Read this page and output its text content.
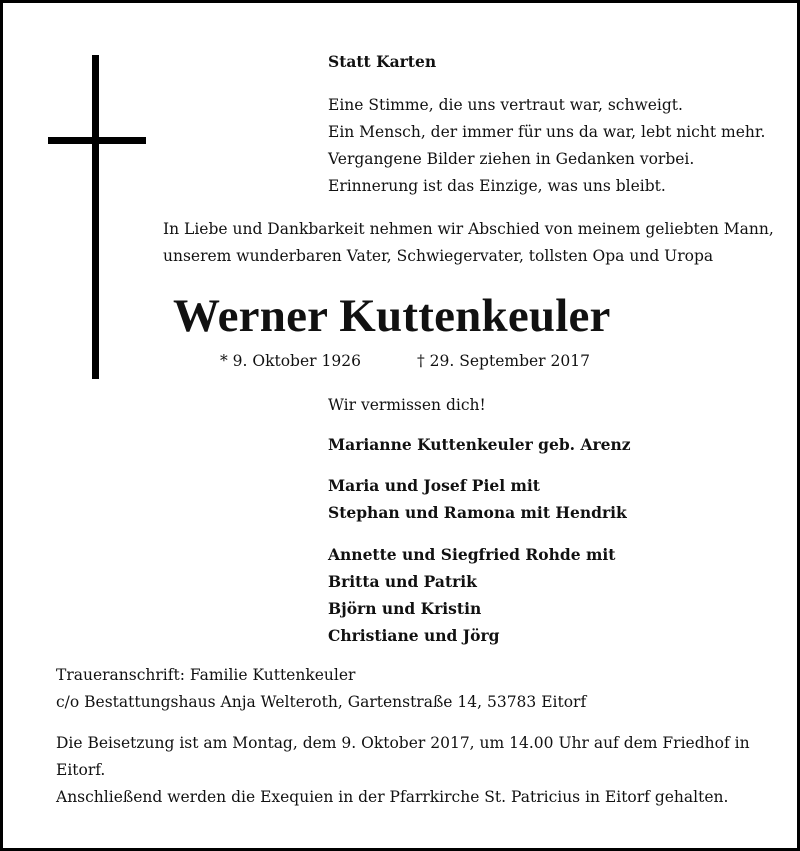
Statt Karten

Eine Stimme, die uns vertraut war, schweigt.
Ein Mensch, der immer für uns da war, lebt nicht mehr.
Vergangene Bilder ziehen in Gedanken vorbei.
Erinnerung ist das Einzige, was uns bleibt.
In Liebe und Dankbarkeit nehmen wir Abschied von meinem geliebten Mann,
unserem wunderbaren Vater, Schwiegervater, tollsten Opa und Uropa
Werner Kuttenkeuler

* 9. Oktober 1926	† 29. September 2017

Wir vermissen dich!

Marianne Kuttenkeuler geb. Arenz

Maria und Josef Piel mit
Stephan und Ramona mit Hendrik
Annette und Siegfried Rohde mit
Britta und Patrik
Björn und Kristin
Christiane und Jörg
Traueranschrift: Familie Kuttenkeuler
c/o Bestattungshaus Anja Welteroth, Gartenstraße 14, 53783 Eitorf
Die Beisetzung ist am Montag, dem 9. Oktober 2017, um 14.00 Uhr auf dem Friedhof in
Eitorf.
Anschließend werden die Exequien in der Pfarrkirche St. Patricius in Eitorf gehalten.
